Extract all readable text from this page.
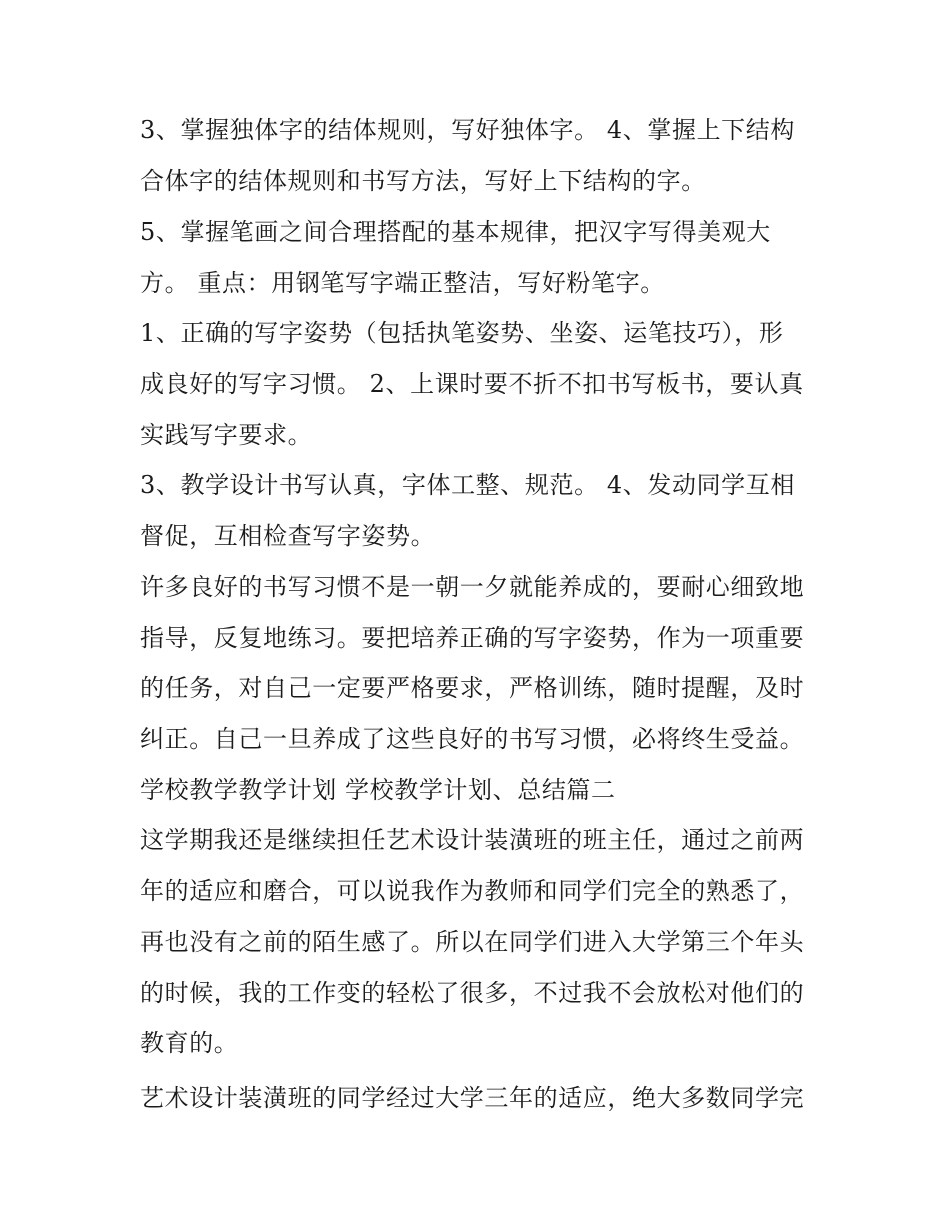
3、掌握独体字的结体规则，写好独体字。 4、掌握上下结构
合体字的结体规则和书写方法，写好上下结构的字。
5、掌握笔画之间合理搭配的基本规律，把汉字写得美观大
方。 重点：用钢笔写字端正整洁，写好粉笔字。
1、正确的写字姿势（包括执笔姿势、坐姿、运笔技巧），形
成良好的写字习惯。 2、上课时要不折不扣书写板书，要认真
实践写字要求。
3、教学设计书写认真，字体工整、规范。 4、发动同学互相
督促，互相检查写字姿势。
许多良好的书写习惯不是一朝一夕就能养成的，要耐心细致地
指导，反复地练习。要把培养正确的写字姿势，作为一项重要
的任务，对自己一定要严格要求，严格训练，随时提醒，及时
纠正。自己一旦养成了这些良好的书写习惯，必将终生受益。
学校教学教学计划 学校教学计划、总结篇二
这学期我还是继续担任艺术设计装潢班的班主任，通过之前两
年的适应和磨合，可以说我作为教师和同学们完全的熟悉了，
再也没有之前的陌生感了。所以在同学们进入大学第三个年头
的时候，我的工作变的轻松了很多，不过我不会放松对他们的
教育的。
艺术设计装潢班的同学经过大学三年的适应，绝大多数同学完
